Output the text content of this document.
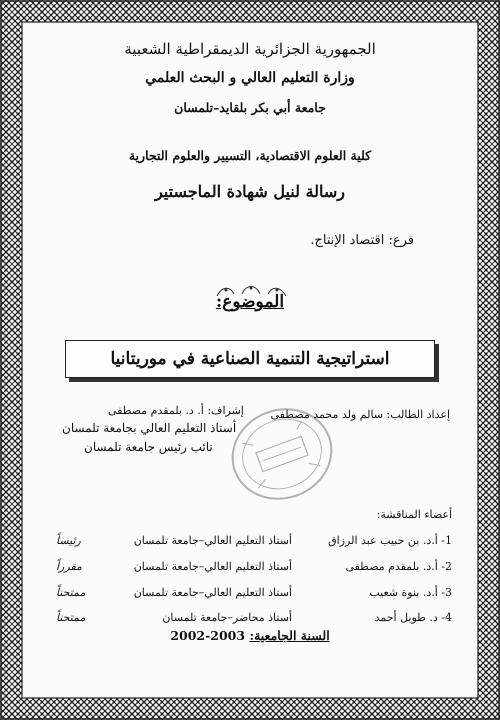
الجمهورية الجزائرية الديمقراطية الشعبية
وزارة التعليم العالي و البحث العلمي
جامعة أبي بكر بلقايد–تلمسان
كلية العلوم الاقتصادية، التسيير والعلوم التجارية
رسالة لنيل شهادة الماجستير
فرع: اقتصاد الإنتاج.
الموضوع:
استراتيجية التنمية الصناعية في موريتانيا
إعداد الطالب: سالم ولد محمد مصطفى
إشراف: أ. د. بلمقدم مصطفى
أستاذ التعليم العالي بجامعة تلمسان
نائب رئيس جامعة تلمسان
أعضاء المناقشة:
1- أ.د. بن حبيب عبد الرزاق
أستاذ التعليم العالي–جامعة تلمسان
رئيساً
2- أ.د. بلمقدم مصطفى
أستاذ التعليم العالي–جامعة تلمسان
مقرراً
3- أ.د. بنوة شعيب
أستاذ التعليم العالي–جامعة تلمسان
ممتحناً
4- د. طويل أحمد
أستاذ محاضر–جامعة تلمسان
ممتحناً
السنة الجامعية: 2002-2003
